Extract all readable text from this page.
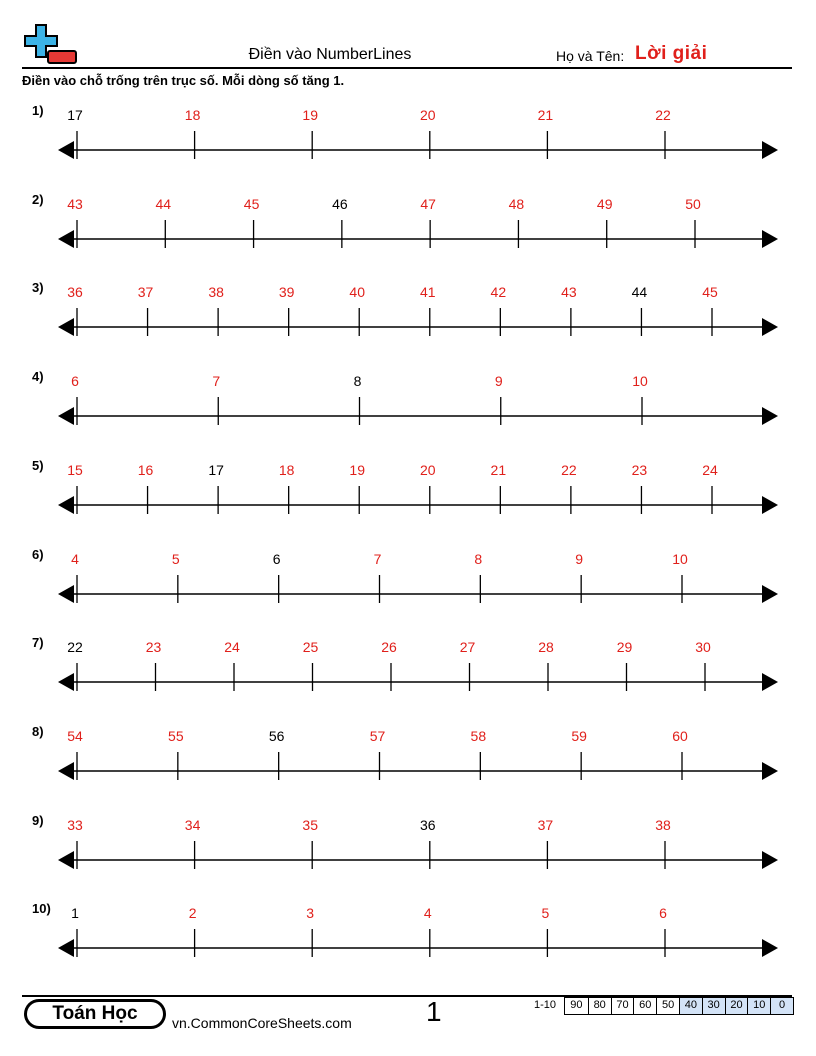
Điền vào NumberLines	Họ và Tên: Lời giải
Điền vào chỗ trống trên trục số. Mỗi dòng số tăng 1.
1) 17	18	19	20	21	22
2) 43	44	45	46	47	48	49	50
3) 36	37	38	39	40	41	42	43	44	45
4) 6	7	8	9	10
5) 15	16	17	18	19	20	21	22	23	24
6) 4	5	6	7	8	9	10
7) 22	23	24	25	26	27	28	29	30
8) 54	55	56	57	58	59	60
9) 33	34	35	36	37	38
10) 1	2	3	4	5	6
Toán Học	vn.CommonCoreSheets.com	1	1-10	90	80 70 60 50 40 30 20 10	0
